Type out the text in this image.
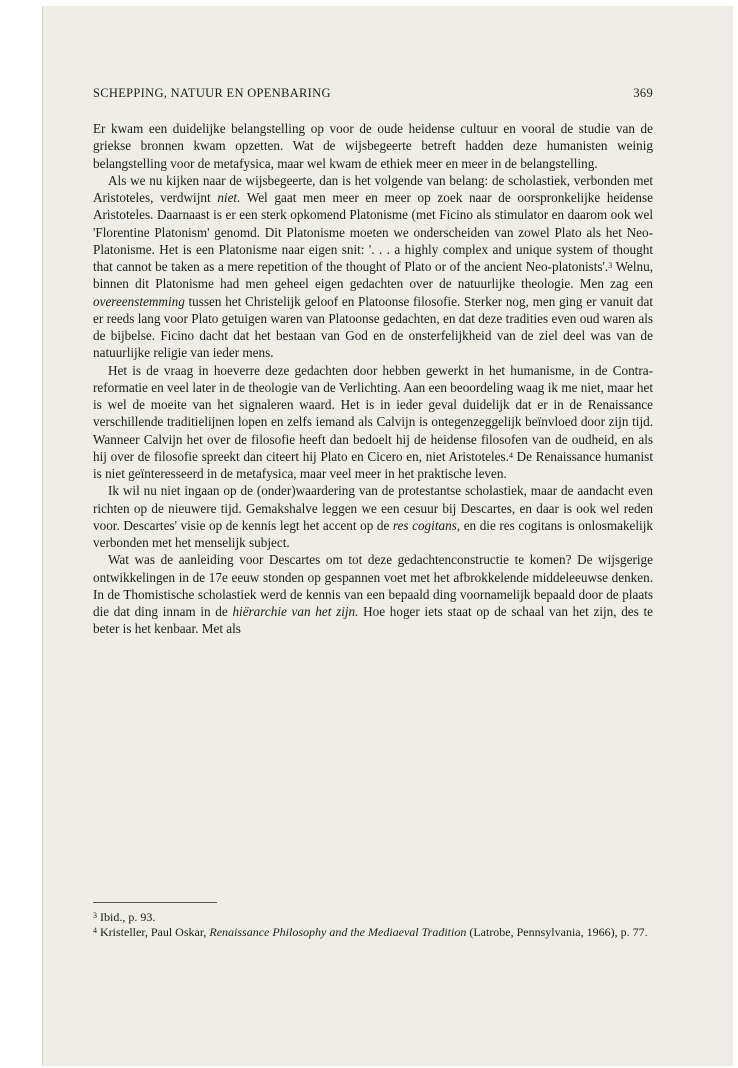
SCHEPPING, NATUUR EN OPENBARING	369

Er kwam een duidelijke belangstelling op voor de oude heidense cultuur en vooral de studie van de griekse bronnen kwam opzetten. Wat de wijsbegeerte betreft hadden deze humanisten weinig belangstelling voor de metafysica, maar wel kwam de ethiek meer en meer in de belangstelling.

Als we nu kijken naar de wijsbegeerte, dan is het volgende van belang: de scholastiek, verbonden met Aristoteles, verdwijnt niet. Wel gaat men meer en meer op zoek naar de oorspronkelijke heidense Aristoteles. Daarnaast is er een sterk opkomend Platonisme (met Ficino als stimulator en daarom ook wel 'Florentine Platonism' genomd. Dit Platonisme moeten we onderscheiden van zowel Plato als het Neo-Platonisme. Het is een Platonisme naar eigen snit: '. . . a highly complex and unique system of thought that cannot be taken as a mere repetition of the thought of Plato or of the ancient Neo-platonists'.$^3$ Welnu, binnen dit Platonisme had men geheel eigen gedachten over de natuurlijke theologie. Men zag een overeenstemming tussen het Christelijk geloof en Platoonse filosofie. Sterker nog, men ging er vanuit dat er reeds lang voor Plato getuigen waren van Platoonse gedachten, en dat deze tradities even oud waren als de bijbelse. Ficino dacht dat het bestaan van God en de onsterfelijkheid van de ziel deel was van de natuurlijke religie van ieder mens.

Het is de vraag in hoeverre deze gedachten door hebben gewerkt in het humanisme, in de Contra-reformatie en veel later in de theologie van de Verlichting. Aan een beoordeling waag ik me niet, maar het is wel de moeite van het signaleren waard. Het is in ieder geval duidelijk dat er in de Renaissance verschillende traditielijnen lopen en zelfs iemand als Calvijn is ontegenzeggelijk beïnvloed door zijn tijd. Wanneer Calvijn het over de filosofie heeft dan bedoelt hij de heidense filosofen van de oudheid, en als hij over de filosofie spreekt dan citeert hij Plato en Cicero en, niet Aristoteles.$^4$ De Renaissance humanist is niet geïnteresseerd in de metafysica, maar veel meer in het praktische leven.

Ik wil nu niet ingaan op de (onder)waardering van de protestantse scholastiek, maar de aandacht even richten op de nieuwere tijd. Gemakshalve leggen we een cesuur bij Descartes, en daar is ook wel reden voor. Descartes' visie op de kennis legt het accent op de res cogitans, en die res cogitans is onlosmakelijk verbonden met het menselijk subject.

Wat was de aanleiding voor Descartes om tot deze gedachtenconstructie te komen? De wijsgerige ontwikkelingen in de 17e eeuw stonden op gespannen voet met het afbrokkelende middeleeuwse denken. In de Thomistische scholastiek werd de kennis van een bepaald ding voornamelijk bepaald door de plaats die dat ding innam in de hiërarchie van het zijn. Hoe hoger iets staat op de schaal van het zijn, des te beter is het kenbaar. Met als

$^3$ Ibid., p. 93.

$^4$ Kristeller, Paul Oskar, Renaissance Philosophy and the Mediaeval Tradition (Latrobe, Pennsylvania, 1966), p. 77.
